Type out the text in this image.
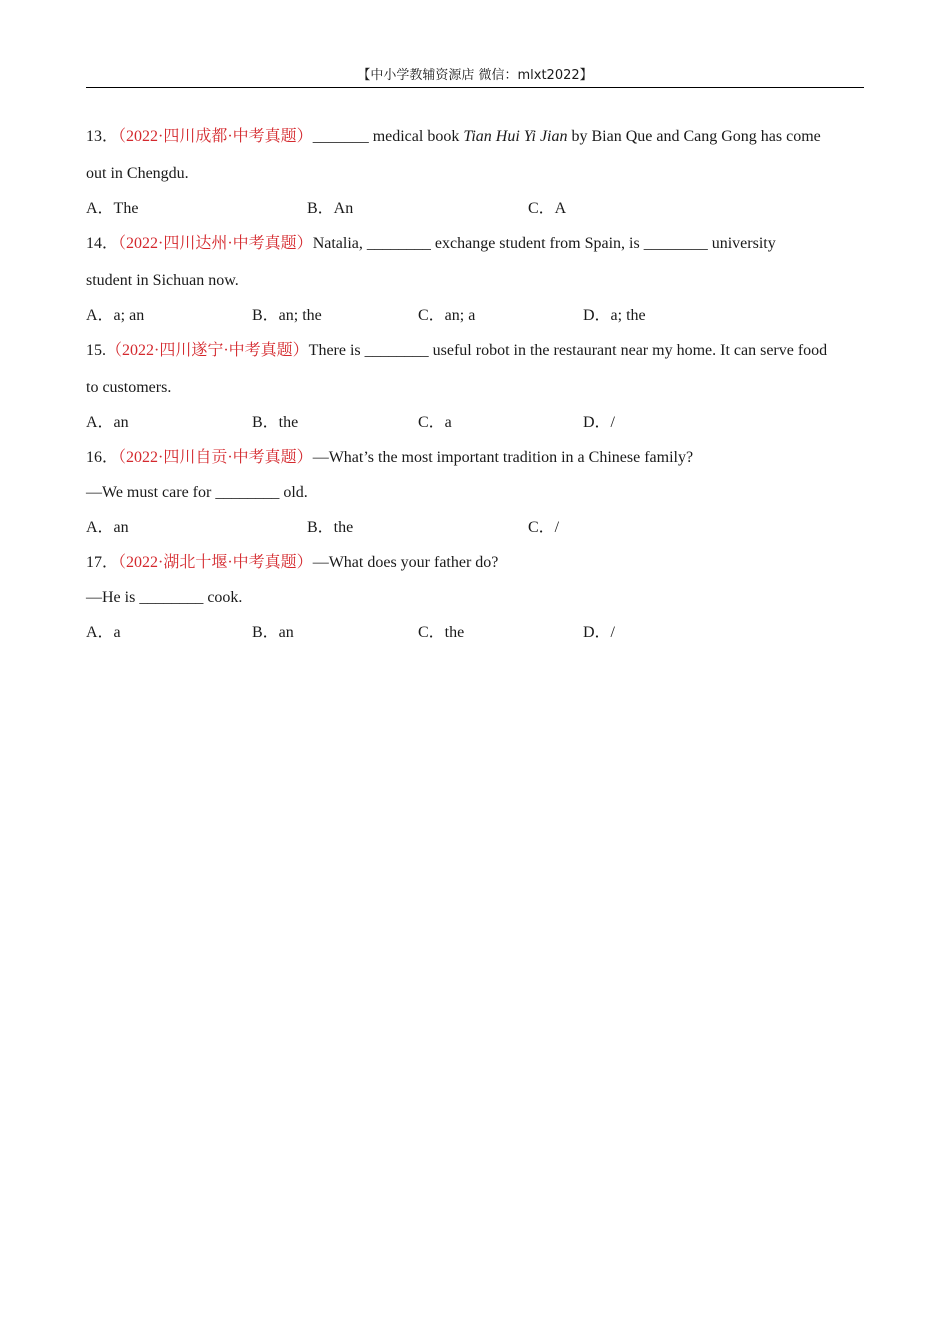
【中小学教辅资源店 微信：mlxt2022】
13．（2022·四川成都·中考真题）_______ medical book Tian Hui Yi Jian by Bian Que and Cang Gong has come
out in Chengdu.
A．The	B．An	C．A
14．（2022·四川达州·中考真题）Natalia, ________ exchange student from Spain, is ________ university
student in Sichuan now.
A．a; an	B．an; the	C．an; a	D．a; the
15.（2022·四川遂宁·中考真题）There is ________ useful robot in the restaurant near my home. It can serve food
to customers.
A．an	B．the	C．a	D．/
16．（2022·四川自贡·中考真题）—What’s the most important tradition in a Chinese family?
—We must care for ________ old.
A．an	B．the	C．/
17．（2022·湖北十堰·中考真题）—What does your father do?
—He is ________ cook.
A．a	B．an	C．the	D．/
